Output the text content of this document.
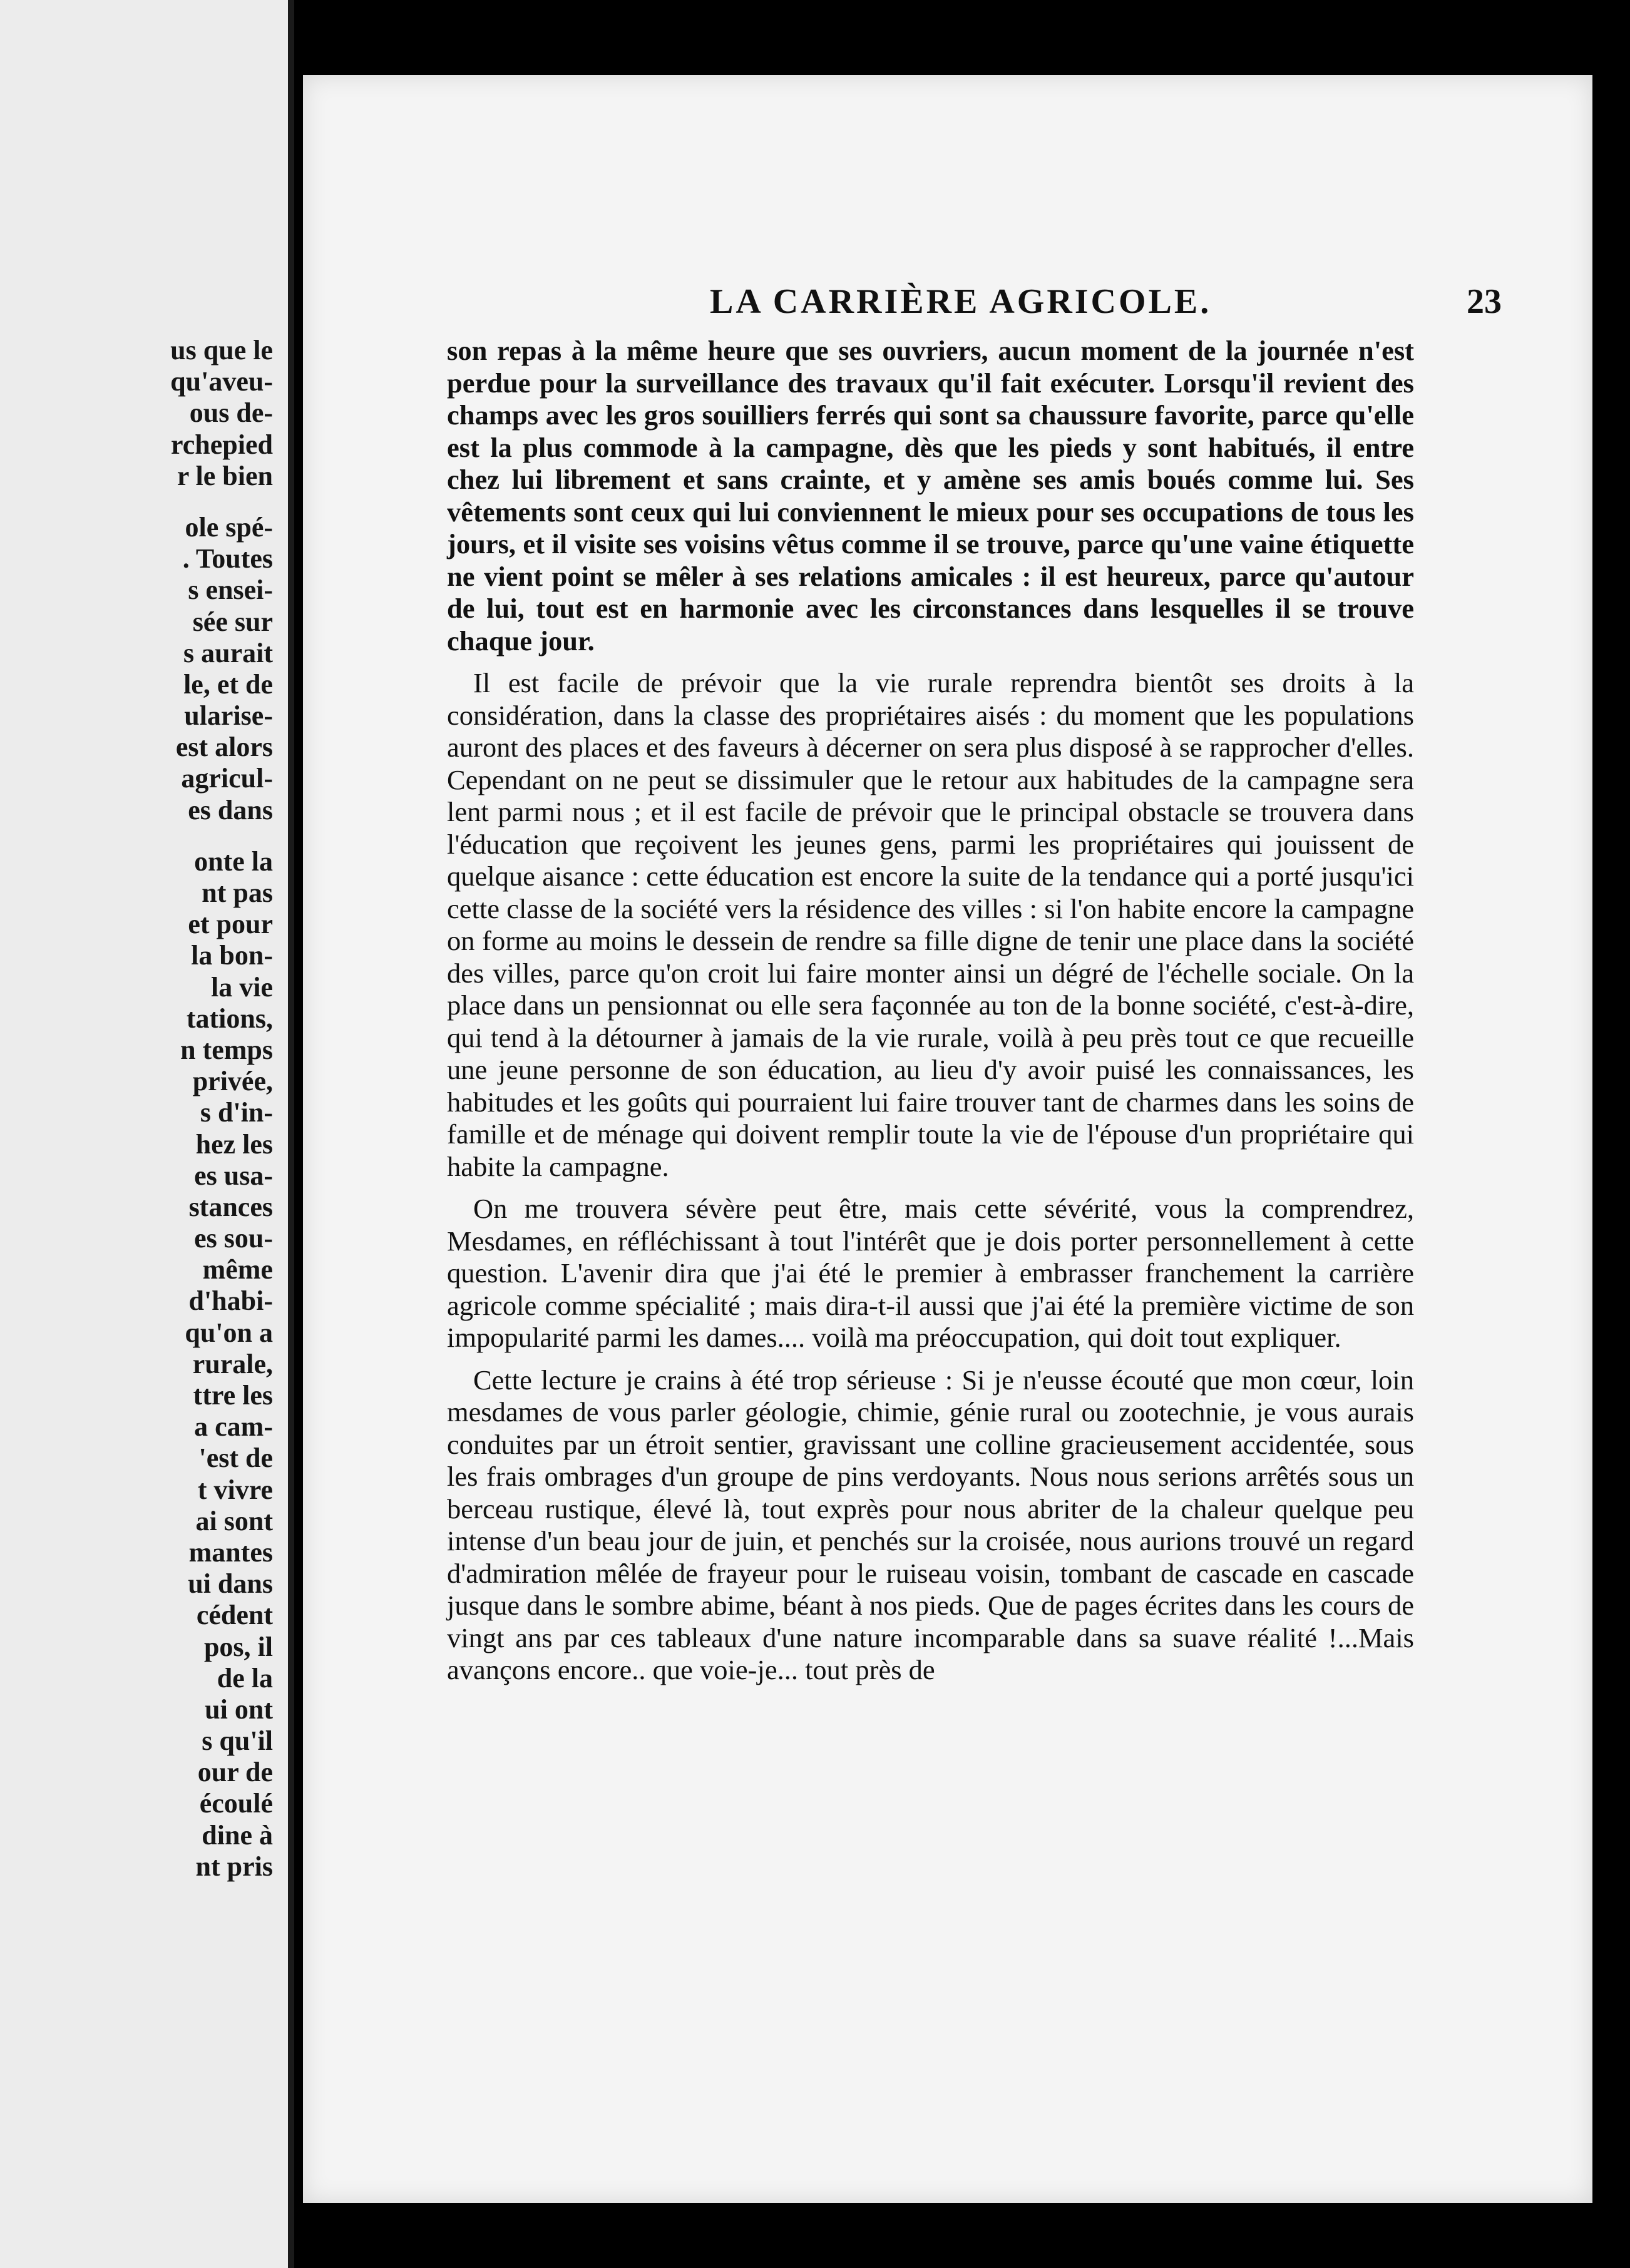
us que le
qu'aveu-
ous de-
rchepied
r le bien
ole spé-
. Toutes
s ensei-
sée sur
s aurait
le, et de
ularise-
est alors
agricul-
es dans
onte la
nt pas
et pour
la bon-
la vie
tations,
n temps
privée,
s d'in-
hez les
es usa-
stances
es sou-
même
d'habi-
qu'on a
rurale,
ttre les
a cam-
'est de
t vivre
ai sont
mantes
ui dans
cédent
pos, il
de la
ui ont
s qu'il
our de
écoulé
dine à
nt pris
LA CARRIÈRE AGRICOLE.	23

son repas à la même heure que ses ouvriers, aucun moment de la journée n'est perdue pour la surveillance des travaux qu'il fait exécuter. Lorsqu'il revient des champs avec les gros souilliers ferrés qui sont sa chaussure favorite, parce qu'elle est la plus commode à la campagne, dès que les pieds y sont habitués, il entre chez lui librement et sans crainte, et y amène ses amis boués comme lui. Ses vêtements sont ceux qui lui conviennent le mieux pour ses occupations de tous les jours, et il visite ses voisins vêtus comme il se trouve, parce qu'une vaine étiquette ne vient point se mêler à ses relations amicales : il est heureux, parce qu'autour de lui, tout est en harmonie avec les circonstances dans lesquelles il se trouve chaque jour.

Il est facile de prévoir que la vie rurale reprendra bientôt ses droits à la considération, dans la classe des propriétaires aisés : du moment que les populations auront des places et des faveurs à décerner on sera plus disposé à se rapprocher d'elles. Cependant on ne peut se dissimuler que le retour aux habitudes de la campagne sera lent parmi nous ; et il est facile de prévoir que le principal obstacle se trouvera dans l'éducation que reçoivent les jeunes gens, parmi les propriétaires qui jouissent de quelque aisance : cette éducation est encore la suite de la tendance qui a porté jusqu'ici cette classe de la société vers la résidence des villes : si l'on habite encore la campagne on forme au moins le dessein de rendre sa fille digne de tenir une place dans la société des villes, parce qu'on croit lui faire monter ainsi un dégré de l'échelle sociale. On la place dans un pensionnat ou elle sera façonnée au ton de la bonne société, c'est-à-dire, qui tend à la détourner à jamais de la vie rurale, voilà à peu près tout ce que recueille une jeune personne de son éducation, au lieu d'y avoir puisé les connaissances, les habitudes et les goûts qui pourraient lui faire trouver tant de charmes dans les soins de famille et de ménage qui doivent remplir toute la vie de l'épouse d'un propriétaire qui habite la campagne.

On me trouvera sévère peut être, mais cette sévérité, vous la comprendrez, Mesdames, en réfléchissant à tout l'intérêt que je dois porter personnellement à cette question. L'avenir dira que j'ai été le premier à embrasser franchement la carrière agricole comme spécialité ; mais dira-t-il aussi que j'ai été la première victime de son impopularité parmi les dames.... voilà ma préoccupation, qui doit tout expliquer.

Cette lecture je crains à été trop sérieuse : Si je n'eusse écouté que mon cœur, loin mesdames de vous parler géologie, chimie, génie rural ou zootechnie, je vous aurais conduites par un étroit sentier, gravissant une colline gracieusement accidentée, sous les frais ombrages d'un groupe de pins verdoyants. Nous nous serions arrêtés sous un berceau rustique, élevé là, tout exprès pour nous abriter de la chaleur quelque peu intense d'un beau jour de juin, et penchés sur la croisée, nous aurions trouvé un regard d'admiration mêlée de frayeur pour le ruiseau voisin, tombant de cascade en cascade jusque dans le sombre abime, béant à nos pieds. Que de pages écrites dans les cours de vingt ans par ces tableaux d'une nature incomparable dans sa suave réalité !...Mais avançons encore.. que voie-je... tout près de
